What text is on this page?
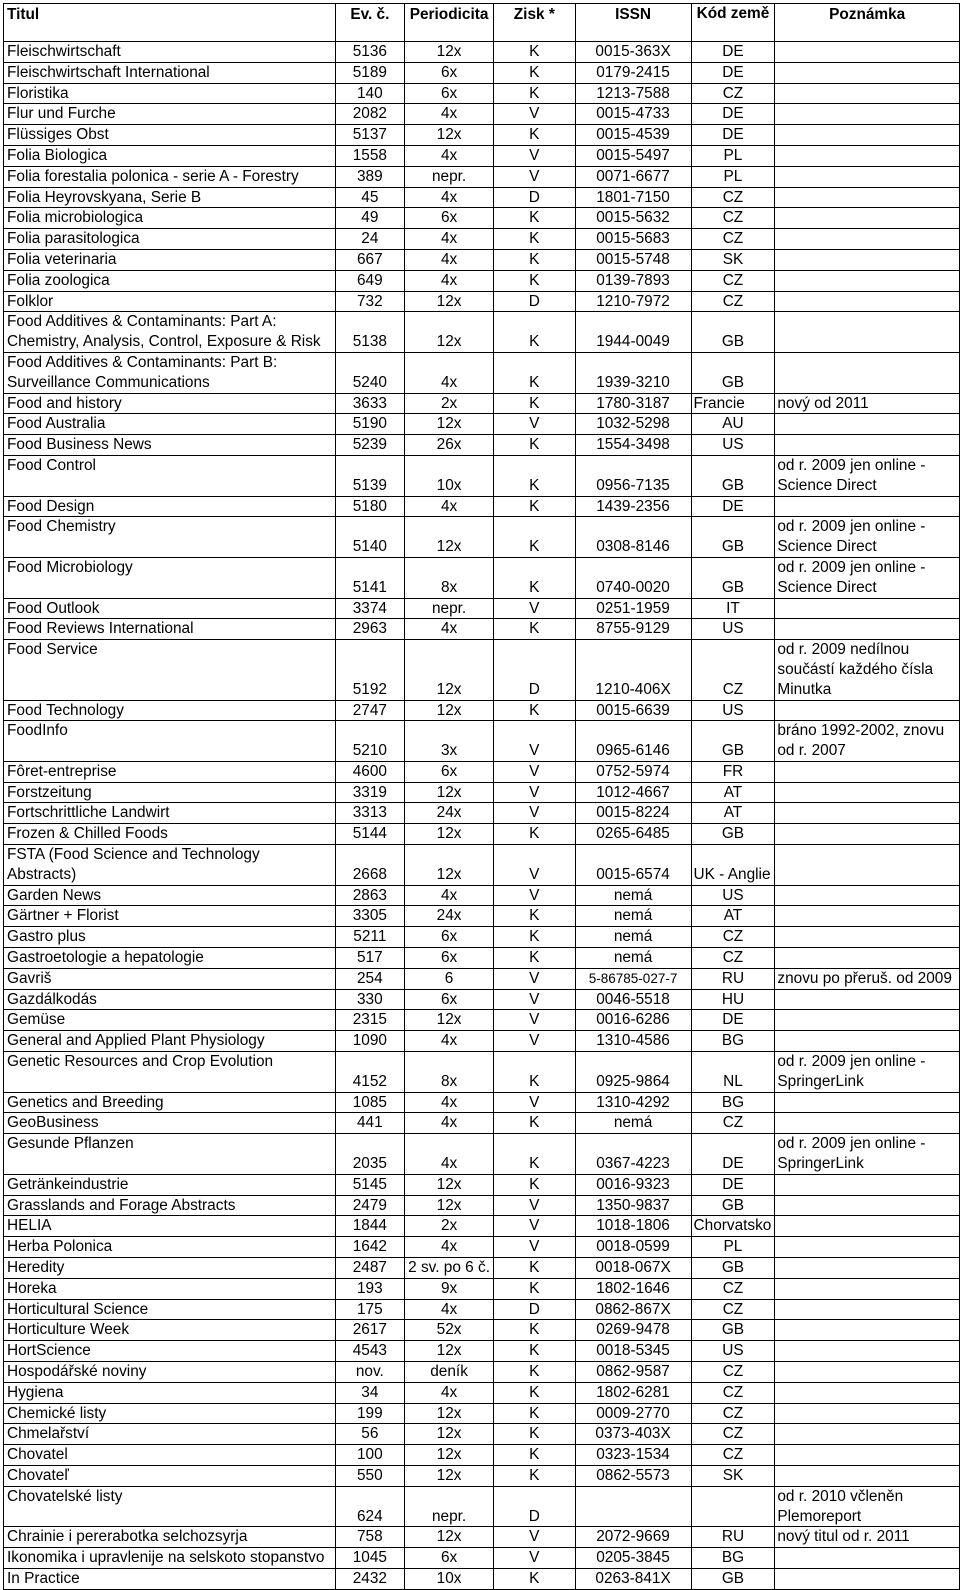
Titul	Ev. č.	Periodicita	Zisk *	ISSN	Kód země	Poznámka
Fleischwirtschaft	5136	12x	K	0015-363X	DE	
Fleischwirtschaft International	5189	6x	K	0179-2415	DE	
Floristika	140	6x	K	1213-7588	CZ	
Flur und Furche	2082	4x	V	0015-4733	DE	
Flüssiges Obst	5137	12x	K	0015-4539	DE	
Folia Biologica	1558	4x	V	0015-5497	PL	
Folia forestalia polonica - serie A - Forestry	389	nepr.	V	0071-6677	PL	
Folia Heyrovskyana, Serie B	45	4x	D	1801-7150	CZ	
Folia microbiologica	49	6x	K	0015-5632	CZ	
Folia parasitologica	24	4x	K	0015-5683	CZ	
Folia veterinaria	667	4x	K	0015-5748	SK	
Folia zoologica	649	4x	K	0139-7893	CZ	
Folklor	732	12x	D	1210-7972	CZ	
Food Additives & Contaminants: Part A: Chemistry, Analysis, Control, Exposure & Risk	5138	12x	K	1944-0049	GB	
Food Additives & Contaminants: Part B: Surveillance Communications	5240	4x	K	1939-3210	GB	
Food and history	3633	2x	K	1780-3187	Francie	nový od 2011
Food Australia	5190	12x	V	1032-5298	AU	
Food Business News	5239	26x	K	1554-3498	US	
Food Control	5139	10x	K	0956-7135	GB	od r. 2009 jen online - Science Direct
Food Design	5180	4x	K	1439-2356	DE	
Food Chemistry	5140	12x	K	0308-8146	GB	od r. 2009 jen online - Science Direct
Food Microbiology	5141	8x	K	0740-0020	GB	od r. 2009 jen online - Science Direct
Food Outlook	3374	nepr.	V	0251-1959	IT	
Food Reviews International	2963	4x	K	8755-9129	US	
Food Service	5192	12x	D	1210-406X	CZ	od r. 2009 nedílnou součástí každého čísla Minutka
Food Technology	2747	12x	K	0015-6639	US	
FoodInfo	5210	3x	V	0965-6146	GB	bráno 1992-2002, znovu od r. 2007
Fôret-entreprise	4600	6x	V	0752-5974	FR	
Forstzeitung	3319	12x	V	1012-4667	AT	
Fortschrittliche Landwirt	3313	24x	V	0015-8224	AT	
Frozen & Chilled Foods	5144	12x	K	0265-6485	GB	
FSTA (Food Science and Technology Abstracts)	2668	12x	V	0015-6574	UK - Anglie	
Garden News	2863	4x	V	nemá	US	
Gärtner + Florist	3305	24x	K	nemá	AT	
Gastro plus	5211	6x	K	nemá	CZ	
Gastroetologie a hepatologie	517	6x	K	nemá	CZ	
Gavriš	254	6	V	5-86785-027-7	RU	znovu po přeruš. od 2009
Gazdálkodás	330	6x	V	0046-5518	HU	
Gemüse	2315	12x	V	0016-6286	DE	
General and Applied Plant Physiology	1090	4x	V	1310-4586	BG	
Genetic Resources and Crop Evolution	4152	8x	K	0925-9864	NL	od r. 2009 jen online - SpringerLink
Genetics and Breeding	1085	4x	V	1310-4292	BG	
GeoBusiness	441	4x	K	nemá	CZ	
Gesunde Pflanzen	2035	4x	K	0367-4223	DE	od r. 2009 jen online - SpringerLink
Getränkeindustrie	5145	12x	K	0016-9323	DE	
Grasslands and Forage Abstracts	2479	12x	V	1350-9837	GB	
HELIA	1844	2x	V	1018-1806	Chorvatsko	
Herba Polonica	1642	4x	V	0018-0599	PL	
Heredity	2487	2 sv. po 6 č.	K	0018-067X	GB	
Horeka	193	9x	K	1802-1646	CZ	
Horticultural Science	175	4x	D	0862-867X	CZ	
Horticulture Week	2617	52x	K	0269-9478	GB	
HortScience	4543	12x	K	0018-5345	US	
Hospodářské noviny	nov.	deník	K	0862-9587	CZ	
Hygiena	34	4x	K	1802-6281	CZ	
Chemické listy	199	12x	K	0009-2770	CZ	
Chmelařství	56	12x	K	0373-403X	CZ	
Chovatel	100	12x	K	0323-1534	CZ	
Chovateľ	550	12x	K	0862-5573	SK	
Chovatelské listy	624	nepr.	D			od r. 2010 včleněn Plemoreport
Chrainie i pererabotka selchozsyrja	758	12x	V	2072-9669	RU	nový titul od r. 2011
Ikonomika i upravlenije na selskoto stopanstvo	1045	6x	V	0205-3845	BG	
In Practice	2432	10x	K	0263-841X	GB	
